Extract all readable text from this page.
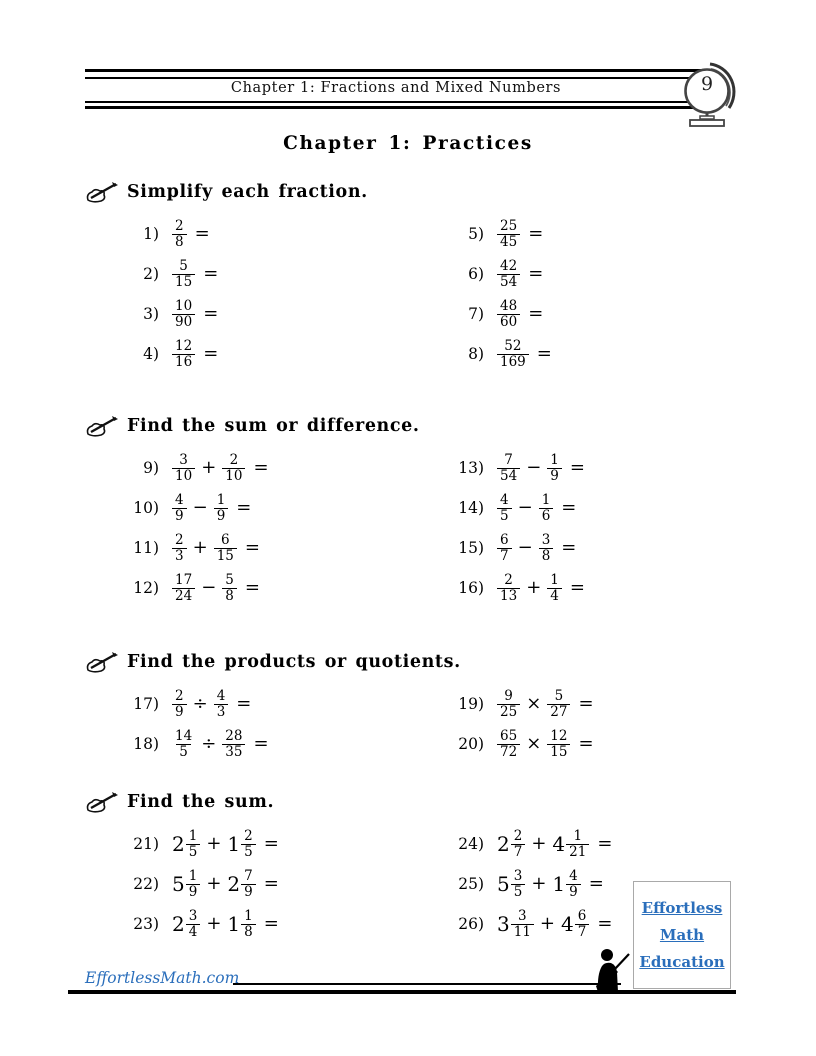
Chapter 1: Fractions and Mixed Numbers	9
Chapter 1: Practices
Simplify each fraction.
$1) \frac{2}{8}$ =
$2) \frac{5}{15}$ =
$3) \frac{10}{90}$ =
$4) \frac{12}{16}$ =
$5) \frac{25}{45}$ =
$6) \frac{42}{54}$ =
$7) \frac{48}{60}$ =
$8) \frac{52}{169}$ =
Find the sum or difference.
$9) \frac{3}{10} + \frac{2}{10}$ =
$10) \frac{4}{9} - \frac{1}{9}$ =
$11) \frac{2}{3} + \frac{6}{15}$ =
$12) \frac{17}{24} - \frac{5}{8}$ =
$13) \frac{7}{54} - \frac{1}{9}$ =
$14) \frac{4}{5} - \frac{1}{6}$ =
$15) \frac{6}{7} - \frac{3}{8}$ =
$16) \frac{2}{13} + \frac{1}{4}$ =
Find the products or quotients.
$17) \frac{2}{9} \div \frac{4}{3}$ =
$18) \frac{14}{5} \div \frac{28}{35}$ =
$19) \frac{9}{25} \times \frac{5}{27}$ =
$20) \frac{65}{72} \times \frac{12}{15}$ =
Find the sum.
21) $2 \frac{1}{5} + 1 \frac{2}{5}$ =
22) $5 \frac{1}{9} + 2 \frac{7}{9}$ =
23) $2 \frac{3}{4} + 1 \frac{1}{8}$ =
24) $2 \frac{2}{7} + 4 \frac{1}{21}$ =
25) $5 \frac{3}{5} + 1 \frac{4}{9}$ =
26) $3 \frac{3}{11} + 4 \frac{6}{7}$ =
Effortless
Math
Education
EffortlessMath.com
